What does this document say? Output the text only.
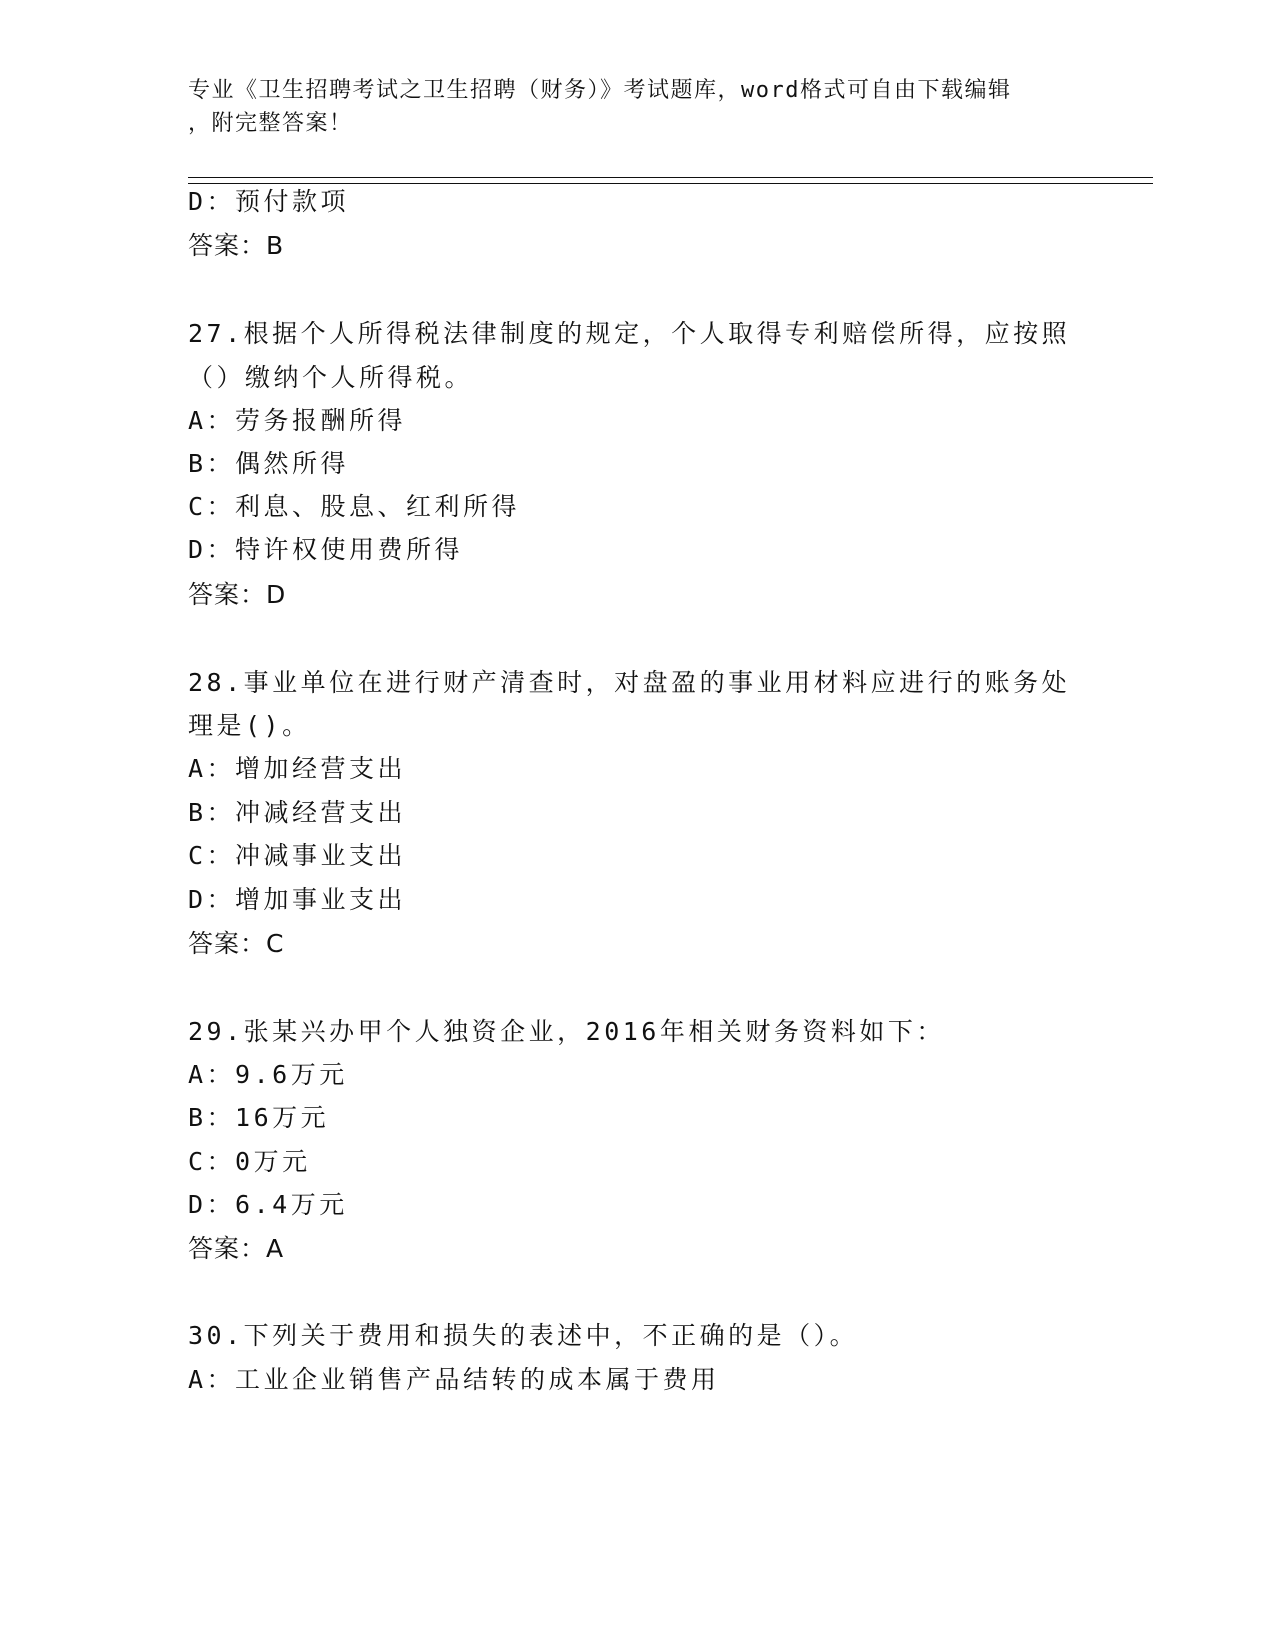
专业《卫生招聘考试之卫生招聘（财务）》考试题库，word格式可自由下载编辑
，附完整答案！
D：预付款项
答案：B
27.根据个人所得税法律制度的规定，个人取得专利赔偿所得，应按照
（）缴纳个人所得税。
A：劳务报酬所得
B：偶然所得
C：利息、股息、红利所得
D：特许权使用费所得
答案：D
28.事业单位在进行财产清查时，对盘盈的事业用材料应进行的账务处
理是()。
A：增加经营支出
B：冲减经营支出
C：冲减事业支出
D：增加事业支出
答案：C
29.张某兴办甲个人独资企业，2016年相关财务资料如下：
A：9.6万元
B：16万元
C：0万元
D：6.4万元
答案：A
30.下列关于费用和损失的表述中，不正确的是（）。
A：工业企业销售产品结转的成本属于费用
